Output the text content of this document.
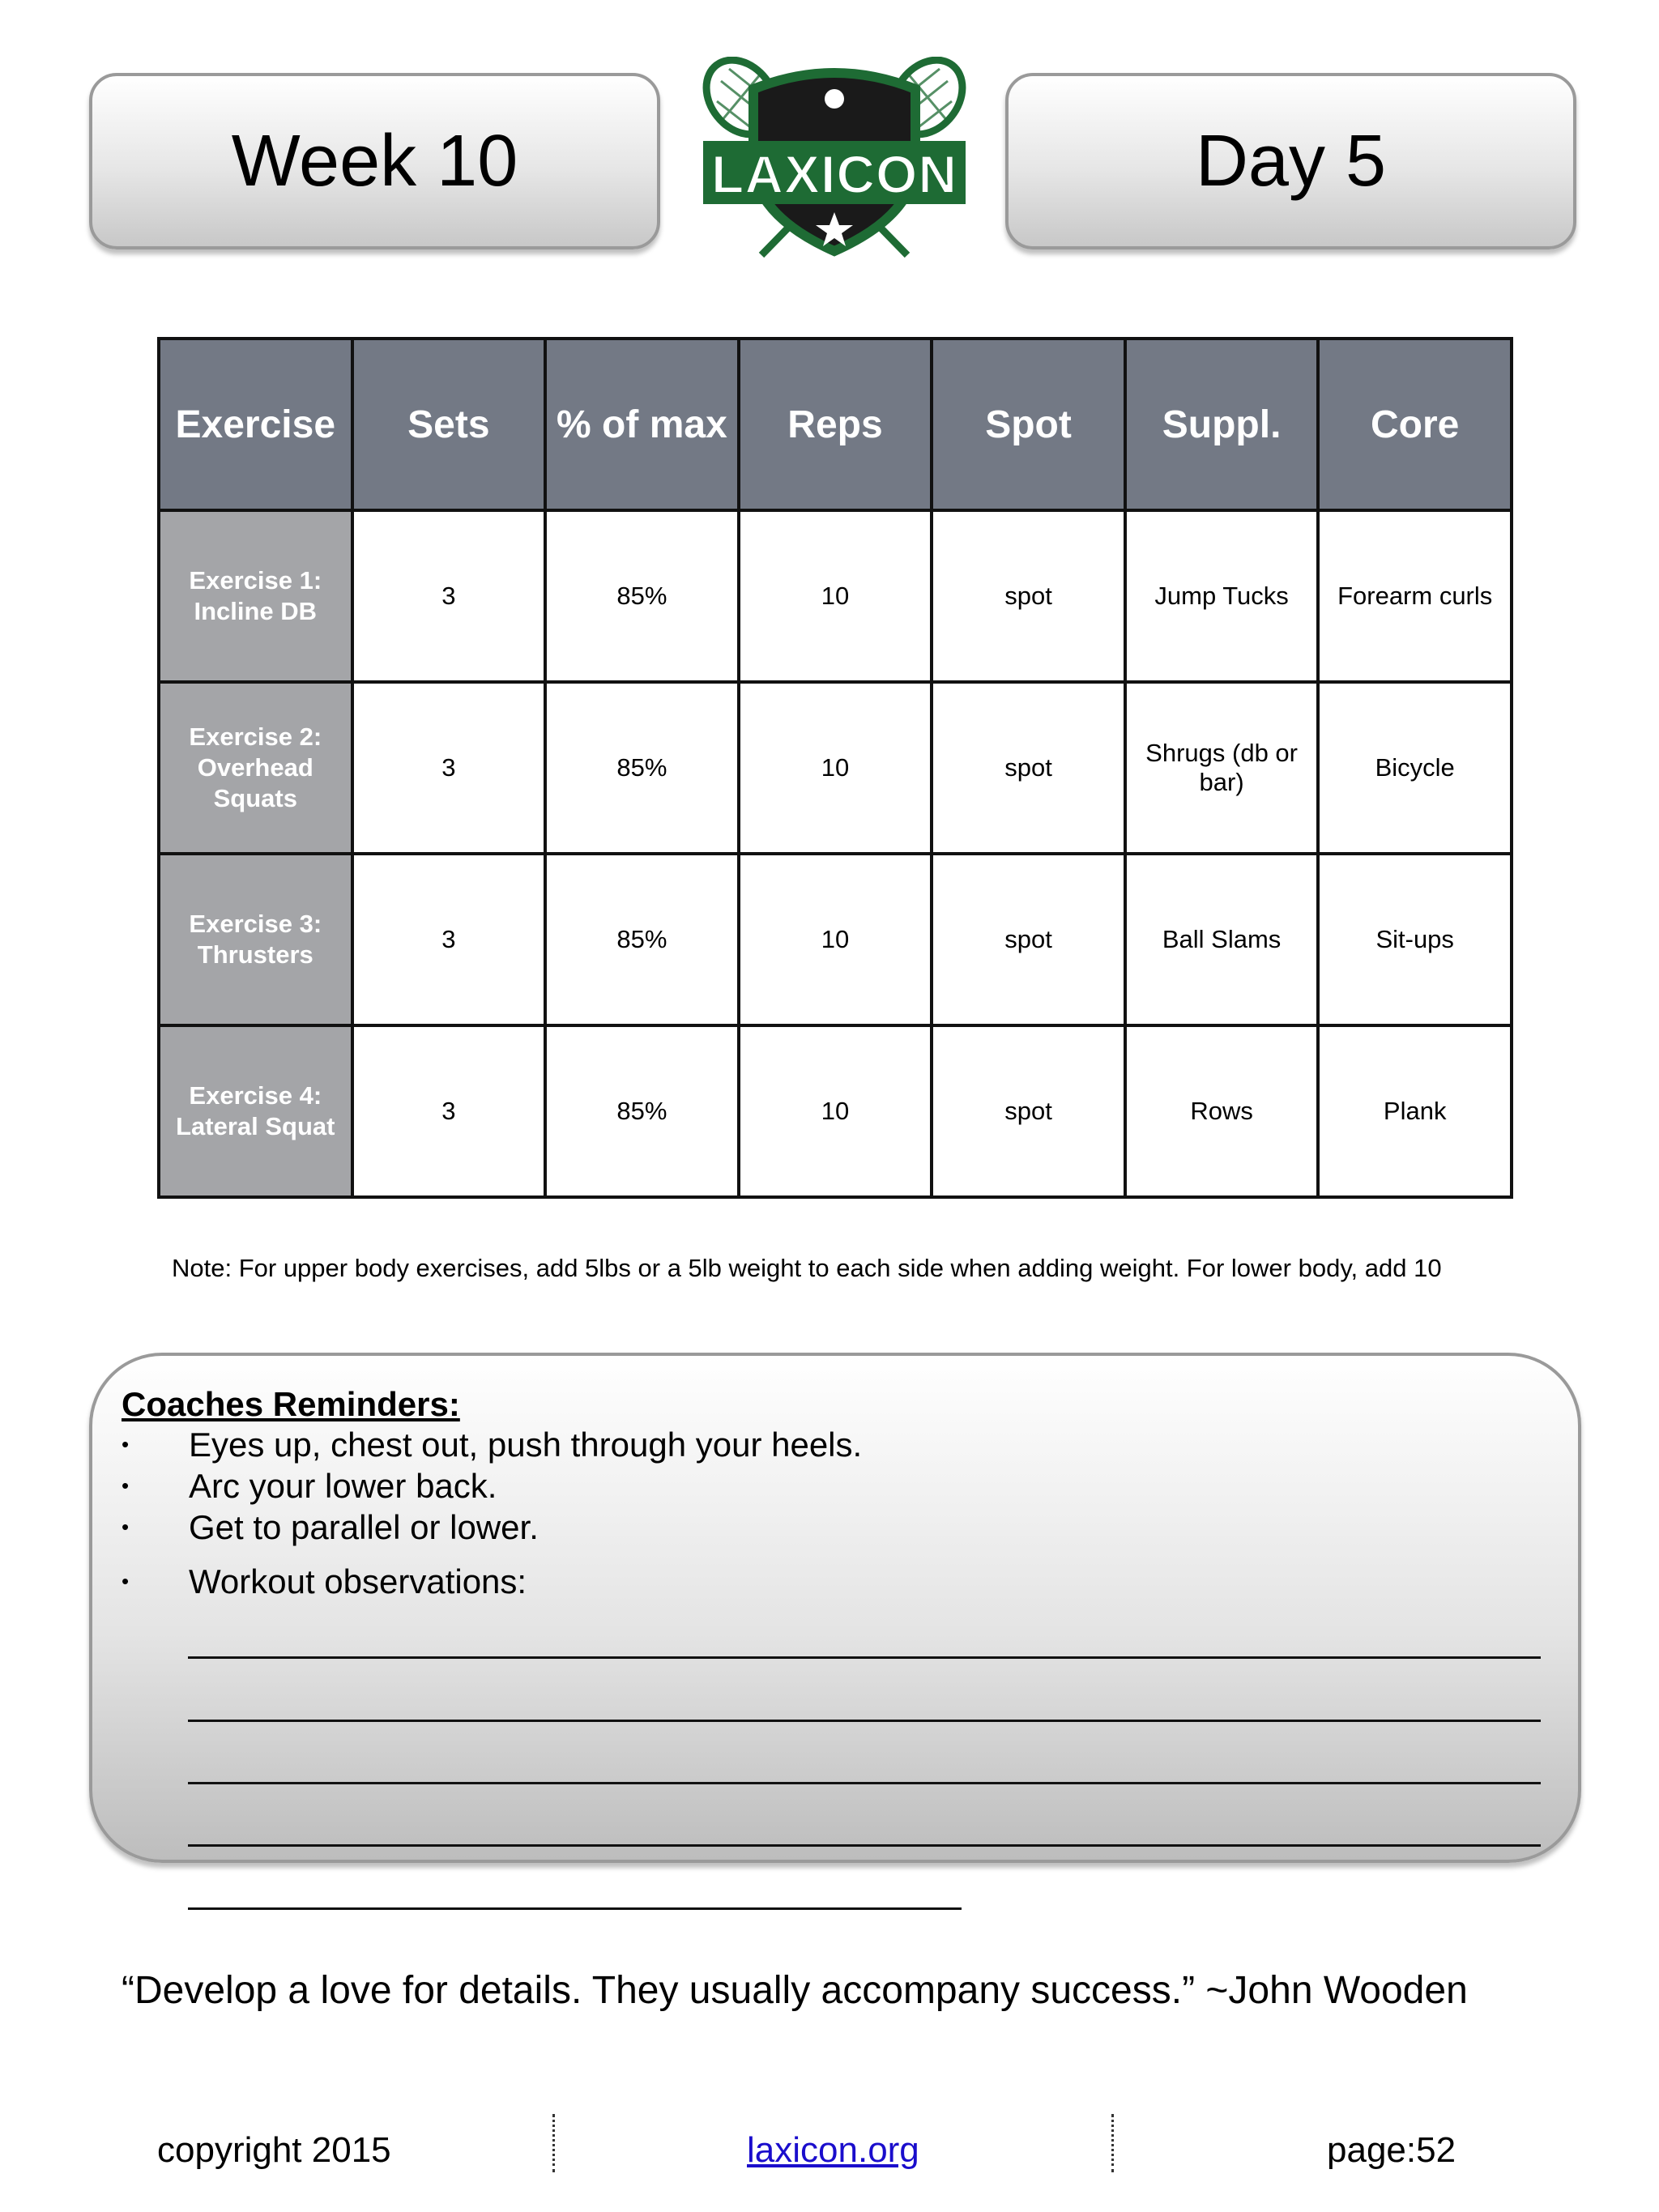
Week 10	LAXICON	Day 5
Exercise	Sets	% of max	Reps	Spot	Suppl.	Core
Exercise 1: Incline DB	3	85%	10	spot	Jump Tucks	Forearm curls
Exercise 2: Overhead Squats	3	85%	10	spot	Shrugs (db or bar)	Bicycle
Exercise 3: Thrusters	3	85%	10	spot	Ball Slams	Sit-ups
Exercise 4: Lateral Squat	3	85%	10	spot	Rows	Plank
Note: For upper body exercises, add 5lbs or a 5lb weight to each side when adding weight. For lower body, add 10
Coaches Reminders:
• Eyes up, chest out, push through your heels.
• Arc your lower back.
• Get to parallel or lower.
• Workout observations:
“Develop a love for details. They usually accompany success.” ~John Wooden
copyright 2015	laxicon.org	page:52
